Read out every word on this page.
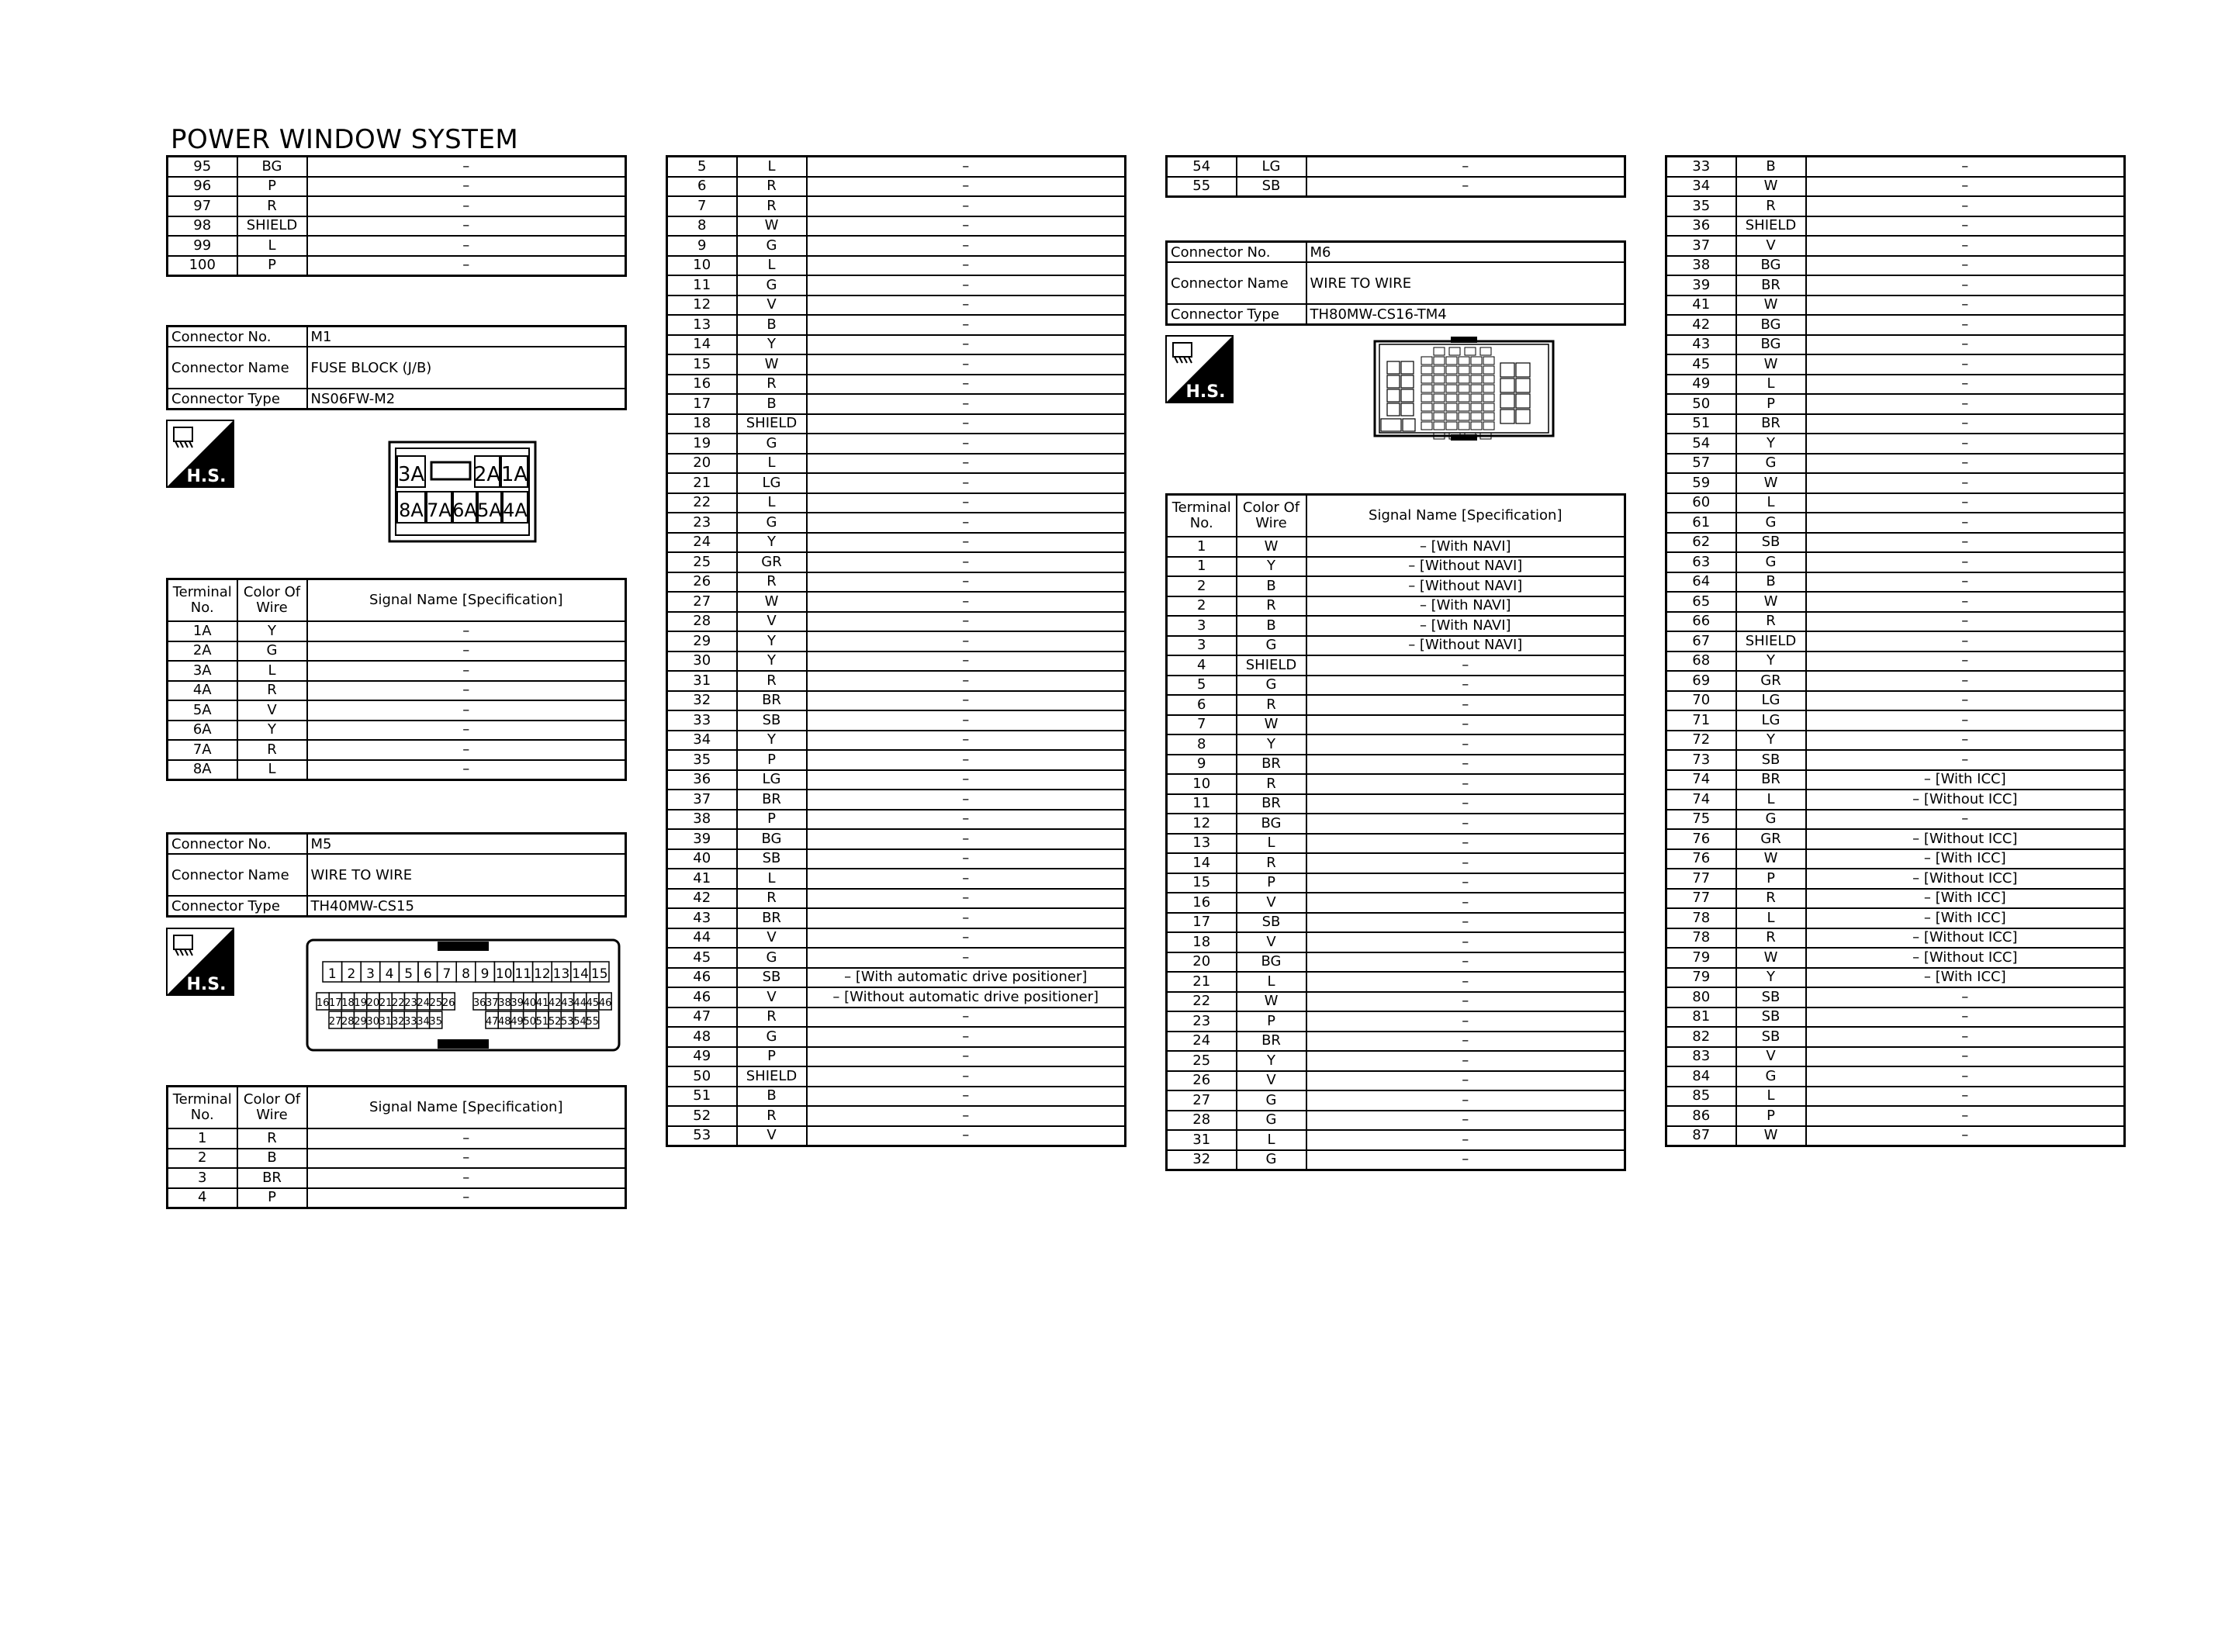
POWER WINDOW SYSTEM
95	BG	–
96	P	–
97	R	–
98	SHIELD	–
99	L	–
100	P	–
Connector No.	M1
Connector Name	FUSE BLOCK (J/B)
Connector Type	NS06FW-M2
H.S.	3A 2A 1A
8A 7A 6A 5A 4A
Terminal No.	Color Of Wire	Signal Name [Specification]
1A	Y	–
2A	G	–
3A	L	–
4A	R	–
5A	V	–
6A	Y	–
7A	R	–
8A	L	–
Connector No.	M5
Connector Name	WIRE TO WIRE
Connector Type	TH40MW-CS15
H.S.
1 2 3 4 5 6 7 8 9 10 11 12 13 14 15
16 17 18 19 20 21 22 23 24 25 26 36 37 38 39 40 41 42 43 44 45 46
27 28 29 30 31 32 33 34 35	47 48 49 50 51 52 53 54 55
Terminal No.	Color Of Wire	Signal Name [Specification]
1	R	–
2	B	–
3	BR	–
4	P	–
5	L	–
6	R	–
7	R	–
8	W	–
9	G	–
10	L	–
11	G	–
12	V	–
13	B	–
14	Y	–
15	W	–
16	R	–
17	B	–
18	SHIELD	–
19	G	–
20	L	–
21	LG	–
22	L	–
23	G	–
24	Y	–
25	GR	–
26	R	–
27	W	–
28	V	–
29	Y	–
30	Y	–
31	R	–
32	BR	–
33	SB	–
34	Y	–
35	P	–
36	LG	–
37	BR	–
38	P	–
39	BG	–
40	SB	–
41	L	–
42	R	–
43	BR	–
44	V	–
45	G	–
46	SB	– [With automatic drive positioner]
46	V	– [Without automatic drive positioner]
47	R	–
48	G	–
49	P	–
50	SHIELD	–
51	B	–
52	R	–
53	V	–
54	LG	–
55	SB	–
Connector No.	M6
Connector Name	WIRE TO WIRE
Connector Type	TH80MW-CS16-TM4
H.S.
Terminal No.	Color Of Wire	Signal Name [Specification]
1	W	– [With NAVI]
1	Y	– [Without NAVI]
2	B	– [Without NAVI]
2	R	– [With NAVI]
3	B	– [With NAVI]
3	G	– [Without NAVI]
4	SHIELD	–
5	G	–
6	R	–
7	W	–
8	Y	–
9	BR	–
10	R	–
11	BR	–
12	BG	–
13	L	–
14	R	–
15	P	–
16	V	–
17	SB	–
18	V	–
20	BG	–
21	L	–
22	W	–
23	P	–
24	BR	–
25	Y	–
26	V	–
27	G	–
28	G	–
31	L	–
32	G	–
33	B	–
34	W	–
35	R	–
36	SHIELD	–
37	V	–
38	BG	–
39	BR	–
41	W	–
42	BG	–
43	BG	–
45	W	–
49	L	–
50	P	–
51	BR	–
54	Y	–
57	G	–
59	W	–
60	L	–
61	G	–
62	SB	–
63	G	–
64	B	–
65	W	–
66	R	–
67	SHIELD	–
68	Y	–
69	GR	–
70	LG	–
71	LG	–
72	Y	–
73	SB	–
74	BR	– [With ICC]
74	L	– [Without ICC]
75	G	–
76	GR	– [Without ICC]
76	W	– [With ICC]
77	P	– [Without ICC]
77	R	– [With ICC]
78	L	– [With ICC]
78	R	– [Without ICC]
79	W	– [Without ICC]
79	Y	– [With ICC]
80	SB	–
81	SB	–
82	SB	–
83	V	–
84	G	–
85	L	–
86	P	–
87	W	–
